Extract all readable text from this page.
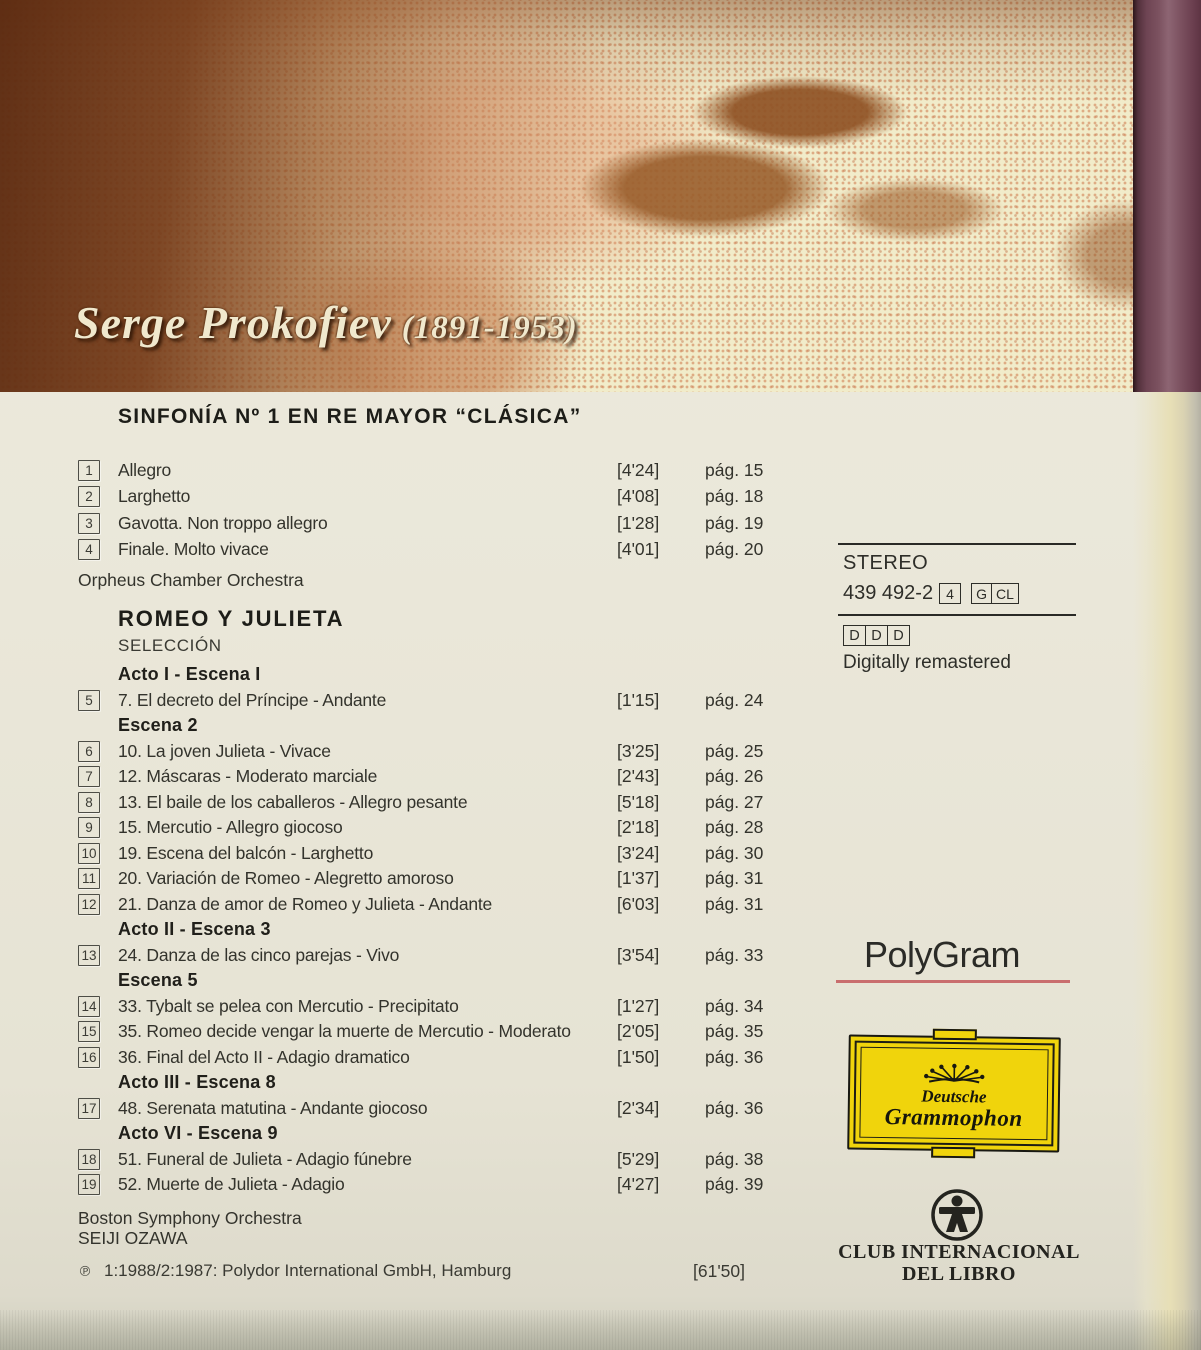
Serge Prokofiev (1891-1953)
SINFONÍA Nº 1 EN RE MAYOR “CLÁSICA”
1	Allegro	[4'24]	pág. 15
2	Larghetto	[4'08]	pág. 18
3	Gavotta. Non troppo allegro	[1'28]	pág. 19
4	Finale. Molto vivace	[4'01]	pág. 20

Orpheus Chamber Orchestra

ROMEO Y JULIETA

SELECCIÓN

Acto I - Escena I
5	7. El decreto del Príncipe - Andante	[1'15]	pág. 24
Escena 2
6	10. La joven Julieta - Vivace	[3'25]	pág. 25
7	12. Máscaras - Moderato marciale	[2'43]	pág. 26
8	13. El baile de los caballeros - Allegro pesante	[5'18]	pág. 27
9	15. Mercutio - Allegro giocoso	[2'18]	pág. 28
10 19. Escena del balcón - Larghetto	[3'24]	pág. 30
11 20. Variación de Romeo - Alegretto amoroso	[1'37]	pág. 31
12 21. Danza de amor de Romeo y Julieta - Andante	[6'03]	pág. 31
Acto II - Escena 3
13 24. Danza de las cinco parejas - Vivo	[3'54]	pág. 33
Escena 5
14 33. Tybalt se pelea con Mercutio - Precipitato	[1'27]	pág. 34
15 35. Romeo decide vengar la muerte de Mercutio - Moderato	[2'05]	pág. 35
16 36. Final del Acto II - Adagio dramatico	[1'50]	pág. 36
Acto III - Escena 8
17 48. Serenata matutina - Andante giocoso	[2'34]	pág. 36
Acto VI - Escena 9
18 51. Funeral de Julieta - Adagio fúnebre	[5'29]	pág. 38
19 52. Muerte de Julieta - Adagio	[4'27]	pág. 39

Boston Symphony Orchestra

SEIJI OZAWA

℗ 1:1988/2:1987: Polydor International GmbH, Hamburg	[61'50]
STEREO
439 492-2 4	G CL
D D D
Digitally remastered
PolyGram
Deutsche
Grammophon
CLUB INTERNACIONAL
DEL LIBRO
